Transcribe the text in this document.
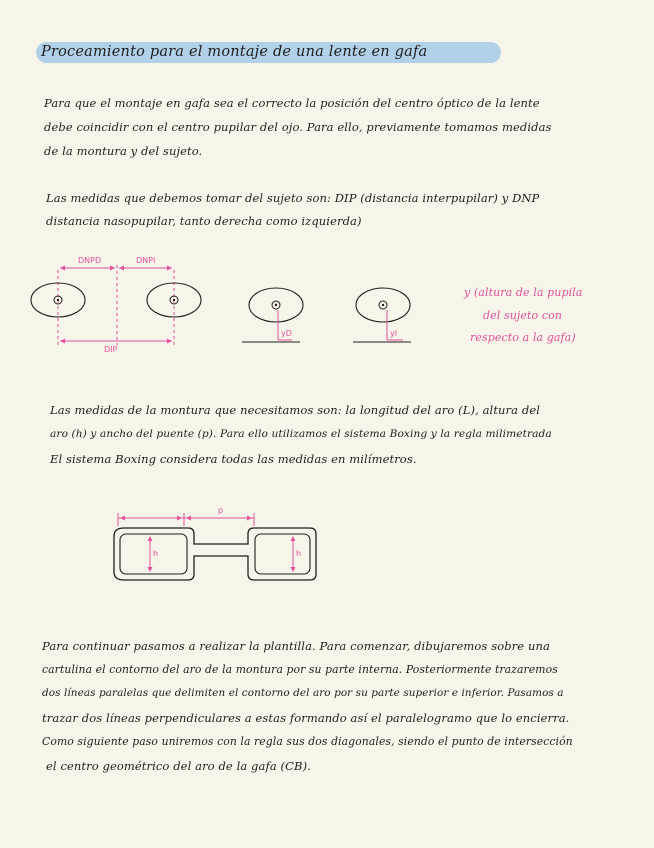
Proceamiento para el montaje de una lente en gafa
Para que el montaje en gafa sea el correcto la posición del centro óptico de la lente
debe coincidir con el centro pupilar del ojo. Para ello, previamente tomamos medidas
de la montura y del sujeto.
Las medidas que debemos tomar del sujeto son: DIP (distancia interpupilar) y DNP
distancia nasopupilar, tanto derecha como izquierda)
DNPD	DNPI
DIP
yD	yI
y (altura de la pupila
del sujeto con
respecto a la gafa)
Las medidas de la montura que necesitamos son: la longitud del aro (L), altura del
aro (h) y ancho del puente (p). Para ello utilizamos el sistema Boxing y la regla milimetrada
El sistema Boxing considera todas las medidas en milímetros.
p
h	h
Para continuar pasamos a realizar la plantilla. Para comenzar, dibujaremos sobre una
cartulina el contorno del aro de la montura por su parte interna. Posteriormente trazaremos
dos líneas paralelas que delimiten el contorno del aro por su parte superior e inferior. Pasamos a
trazar dos líneas perpendiculares a estas formando así el paralelogramo que lo encierra.
Como siguiente paso uniremos con la regla sus dos diagonales, siendo el punto de intersección
el centro geométrico del aro de la gafa (CB).
